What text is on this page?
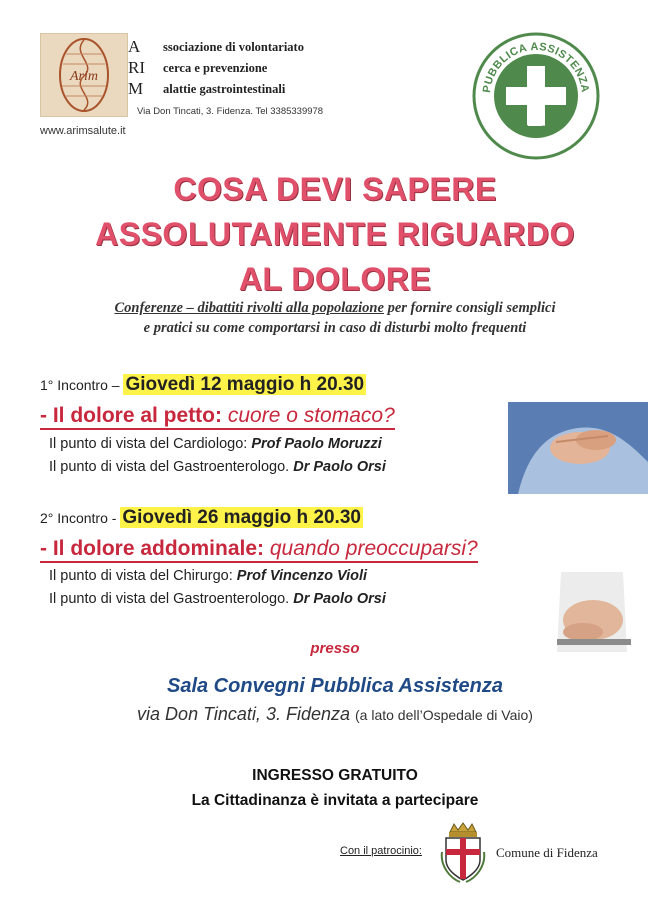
Arim
A
RI
M
ssociazione di volontariato
cerca e prevenzione
alattie gastrointestinali
Via Don Tincati, 3. Fidenza. Tel 3385339978
www.arimsalute.it
PUBBLICA ASSISTENZA
FIDENZA
COSA DEVI SAPERE
ASSOLUTAMENTE RIGUARDO
AL DOLORE
Conferenze – dibattiti rivolti alla popolazione per fornire consigli semplici
e pratici su come comportarsi in caso di disturbi molto frequenti
1° Incontro – Giovedì 12 maggio h 20.30
- Il dolore al petto: cuore o stomaco?
Il punto di vista del Cardiologo: Prof Paolo Moruzzi
Il punto di vista del Gastroenterologo. Dr Paolo Orsi
2° Incontro - Giovedì 26 maggio h 20.30
- Il dolore addominale: quando preoccuparsi?
Il punto di vista del Chirurgo: Prof Vincenzo Violi
Il punto di vista del Gastroenterologo. Dr Paolo Orsi
presso
Sala Convegni Pubblica Assistenza
via Don Tincati, 3. Fidenza (a lato dell’Ospedale di Vaio)
INGRESSO GRATUITO
La Cittadinanza è invitata a partecipare
Con il patrocinio:	Comune di Fidenza
